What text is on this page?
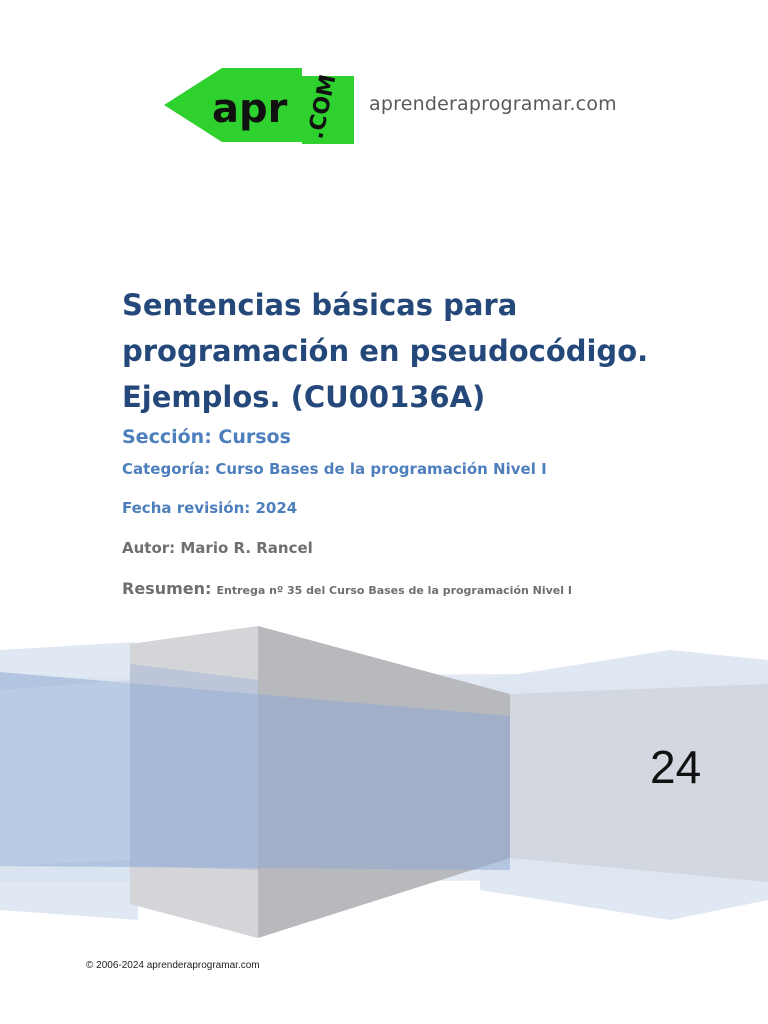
apr
2 .COM aprenderaprogramar.com
Sentencias básicas para programación en pseudocódigo. Ejemplos. (CU00136A)
Sección: Cursos
Categoría: Curso Bases de la programación Nivel I
Fecha revisión: 2024
Autor: Mario R. Rancel
Resumen: Entrega nº 35 del Curso Bases de la programación Nivel I
24
© 2006-2024 aprenderaprogramar.com
